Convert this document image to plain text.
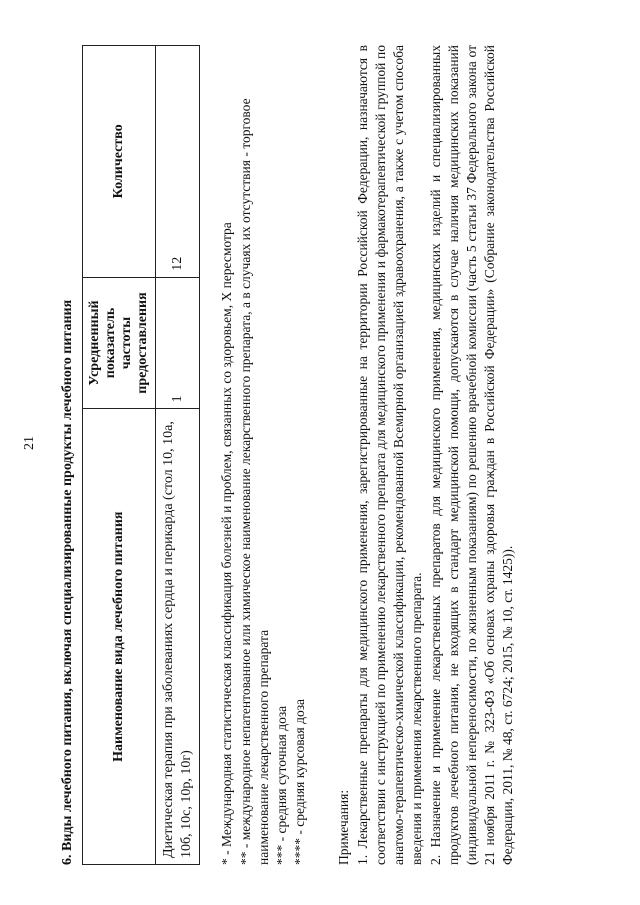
21 6. Виды лечебного питания, включая специализированные продукты лечебного питания	Наименование вида лечебного питания	Усредненный показатель частоты предоставления	Количество
Диетическая терапия при заболеваниях сердца и перикарда (стол 10, 10а, 10б, 10с, 10р, 10г)	1	12	* - Международная статистическая классификация болезней и проблем, связанных со здоровьем, X пересмотра ** - международное непатентованное или химическое наименование лекарственного препарата, а в случаях их отсутствия - торговое наименование лекарственного препарата *** - средняя суточная доза **** - средняя курсовая доза Примечания: 1. Лекарственные препараты для медицинского применения, зарегистрированные на территории Российской Федерации, назначаются в соответствии с инструкцией по применению лекарственного препарата для медицинского применения и фармакотерапевтической группой по анатомо-терапевтическо-химической классификации, рекомендованной Всемирной организацией здравоохранения, а также с учетом способа введения и применения лекарственного препарата. 2. Назначение и применение лекарственных препаратов для медицинского применения, медицинских изделий и специализированных продуктов лечебного питания, не входящих в стандарт медицинской помощи, допускаются в случае наличия медицинских показаний (индивидуальной непереносимости, по жизненным показаниям) по решению врачебной комиссии (часть 5 статьи 37 Федерального закона от 21 ноября 2011 г. № 323-ФЗ «Об основах охраны здоровья граждан в Российской Федерации» (Собрание законодательства Российской Федерации, 2011, № 48, ст. 6724; 2015, № 10, ст. 1425)).
